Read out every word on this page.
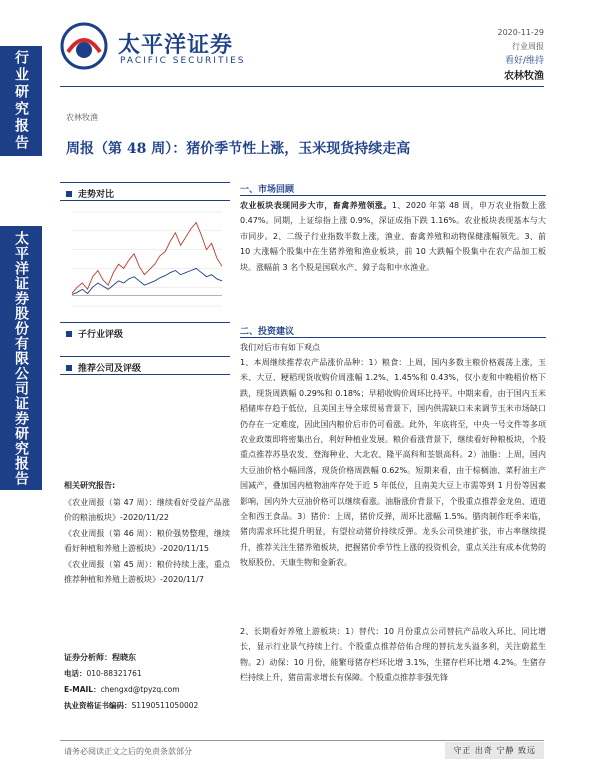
行业研究报告
太平洋证券股份有限公司证券研究报告
太平洋证券
PACIFIC SECURITIES
2020-11-29
行业周报
看好/维持
农林牧渔
农林牧渔
周报（第 48 周）：猪价季节性上涨，玉米现货持续走高
走势对比
子行业评级
推荐公司及评级
相关研究报告:
《农业周报（第 47 周）：继续看好受益产品涨价的粮油板块》-2020/11/22
《农业周报（第 46 周）：粮价强势整理，继续看好种植和养殖上游板块》-2020/11/15
《农业周报（第 45 周）：粮价持续上涨，重点推荐种植和养殖上游板块》-2020/11/7
证券分析师：程晓东
电话：010-88321761
E-MAIL：chengxd@tpyzq.com
执业资格证书编码：S1190511050002
一、市场回顾
农业板块表现同步大市，畜禽养殖领涨。1、2020 年第 48 周，申万农业指数上涨 0.47%。同期，上证综指上涨 0.9%，深证成指下跌 1.16%。农业板块表现基本与大市同步。2、二级子行业指数半数上涨，渔业、畜禽养殖和动物保健涨幅领先。3、前 10 大涨幅个股集中在生猪养殖和渔业板块，前 10 大跌幅个股集中在农产品加工板块。涨幅前 3 名个股是国联水产、獐子岛和中水渔业。
二、投资建议
我们对后市有如下观点
1、本周继续推荐农产品涨价品种：1）粮食：上周，国内多数主粮价格震荡上涨，玉米、大豆、粳稻现货收购价周涨幅 1.2%、1.45%和 0.43%，仅小麦和中晚稻价格下跌，现货周跌幅 0.29%和 0.18%；早稻收购价周环比持平。中期来看，由于国内玉米稻储库存趋于低位，且美国主导全球贸易背景下，国内供需缺口未来调节玉米市场缺口仍存在一定难度，因此国内粮价后市仍可看涨。此外，年底将至，中央一号文件等多项农业政策即将密集出台，利好种植业发展。粮价看涨背景下，继续看好种粮板块，个股重点推荐苏垦农发、登海种业、大北农、隆平高科和荃银高科。2）油脂：上周，国内大豆油价格小幅回落，现货价格周跌幅 0.62%。短期来看，由于棕榈油、菜籽油主产国减产，叠加国内植物油库存处于近 5 年低位，且南美大豆上市需等到 1 月份等因素影响，国内外大豆油价格可以继续看涨。油脂涨价背景下，个股重点推荐金龙鱼、道道全和西王食品。3）猪价：上周，猪价反弹，周环比涨幅 1.5%。腊肉制作旺季来临，猪肉需求环比提升明显，有望拉动猪价持续反弹。龙头公司快速扩张，市占率继续提升，推荐关注生猪养殖板块，把握猪价季节性上涨的投资机会，重点关注有成本优势的牧原股份、天康生物和金新农。
2、长期看好养殖上游板块：1）替代：10 月份重点公司替抗产品收入环比、同比增长，显示行业景气持续上行。个股重点推荐倍佑合理的替抗龙头溢多利，关注蔚蓝生物。2）动保：10 月份，能繁母猪存栏环比增 3.1%，生猪存栏环比增 4.2%。生猪存栏持续上升，猪苗需求增长有保障。个股重点推荐非强先锋
请务必阅读正文之后的免责条款部分	守正 出奇 宁静 致远
